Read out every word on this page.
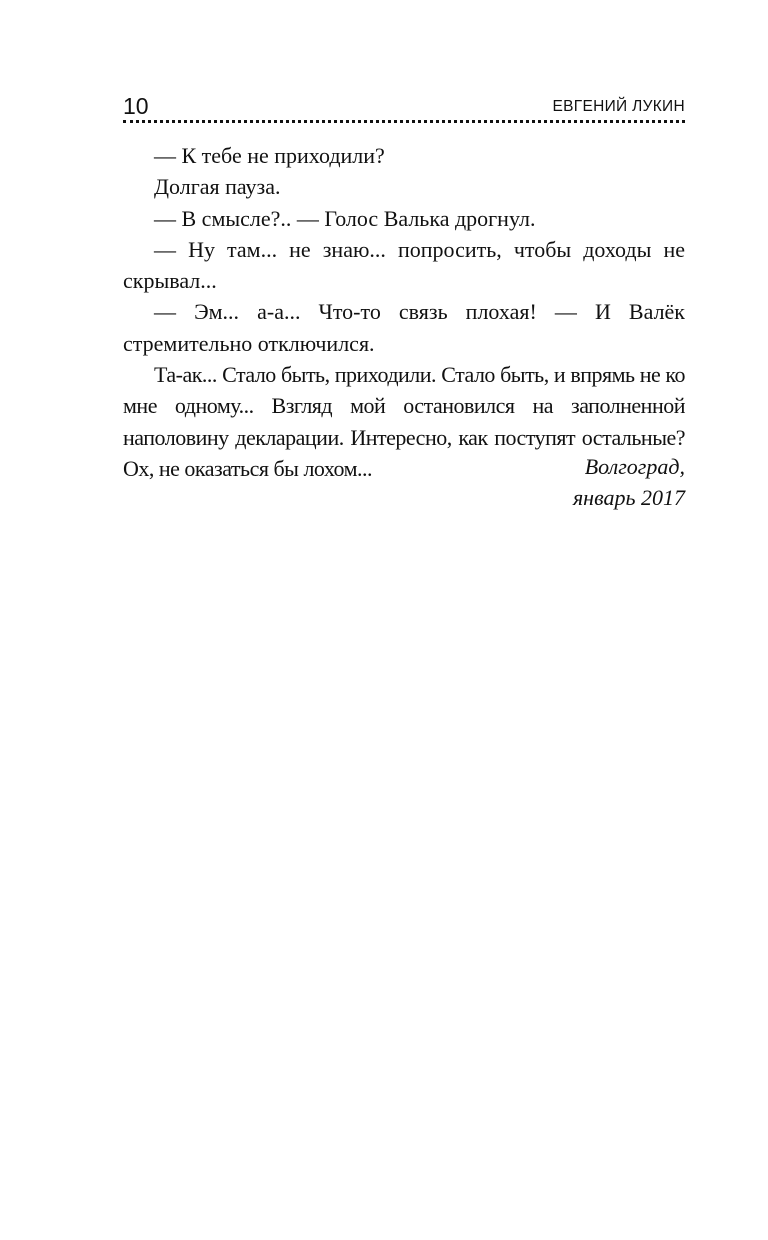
10	ЕВГЕНИЙ ЛУКИН

— К тебе не приходили?

Долгая пауза.

— В смысле?.. — Голос Валька дрогнул.

— Ну там... не знаю... попросить, чтобы доходы не скрывал...

— Эм... а-а... Что-то связь плохая! — И Валёк стремительно отключился.

Та-ак... Стало быть, приходили. Стало быть, и впрямь не ко мне одному... Взгляд мой остановился на заполненной наполовину декларации. Интересно, как поступят остальные? Ох, не оказаться бы лохом...	Волгоград,
январь 2017
